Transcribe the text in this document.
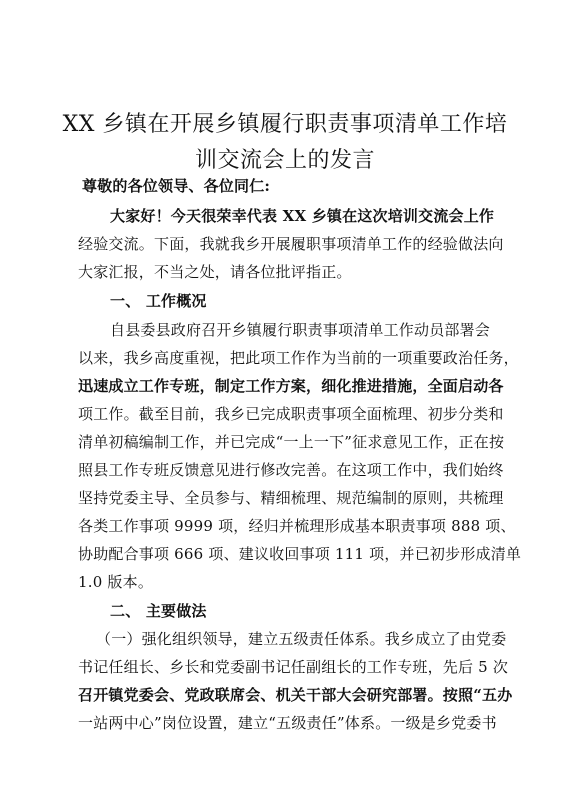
XX 乡镇在开展乡镇履行职责事项清单工作培
训交流会上的发言
尊敬的各位领导、各位同仁:
大家好！今天很荣幸代表 XX 乡镇在这次培训交流会上作
经验交流。下面，我就我乡开展履职事项清单工作的经验做法向
大家汇报，不当之处，请各位批评指正。
一、 工作概况
自县委县政府召开乡镇履行职责事项清单工作动员部署会
以来，我乡高度重视，把此项工作作为当前的一项重要政治任务，
迅速成立工作专班，制定工作方案，细化推进措施，全面启动各
项工作。截至目前，我乡已完成职责事项全面梳理、初步分类和
清单初稿编制工作，并已完成“一上一下”征求意见工作，正在按
照县工作专班反馈意见进行修改完善。在这项工作中，我们始终
坚持党委主导、全员参与、精细梳理、规范编制的原则，共梳理
各类工作事项 9999 项，经归并梳理形成基本职责事项 888 项、
协助配合事项 666 项、建议收回事项 111 项，并已初步形成清单
1.0 版本。
二、 主要做法
（一）强化组织领导，建立五级责任体系。我乡成立了由党委
书记任组长、乡长和党委副书记任副组长的工作专班，先后 5 次
召开镇党委会、党政联席会、机关干部大会研究部署。按照“五办
一站两中心”岗位设置，建立“五级责任”体系。一级是乡党委书
